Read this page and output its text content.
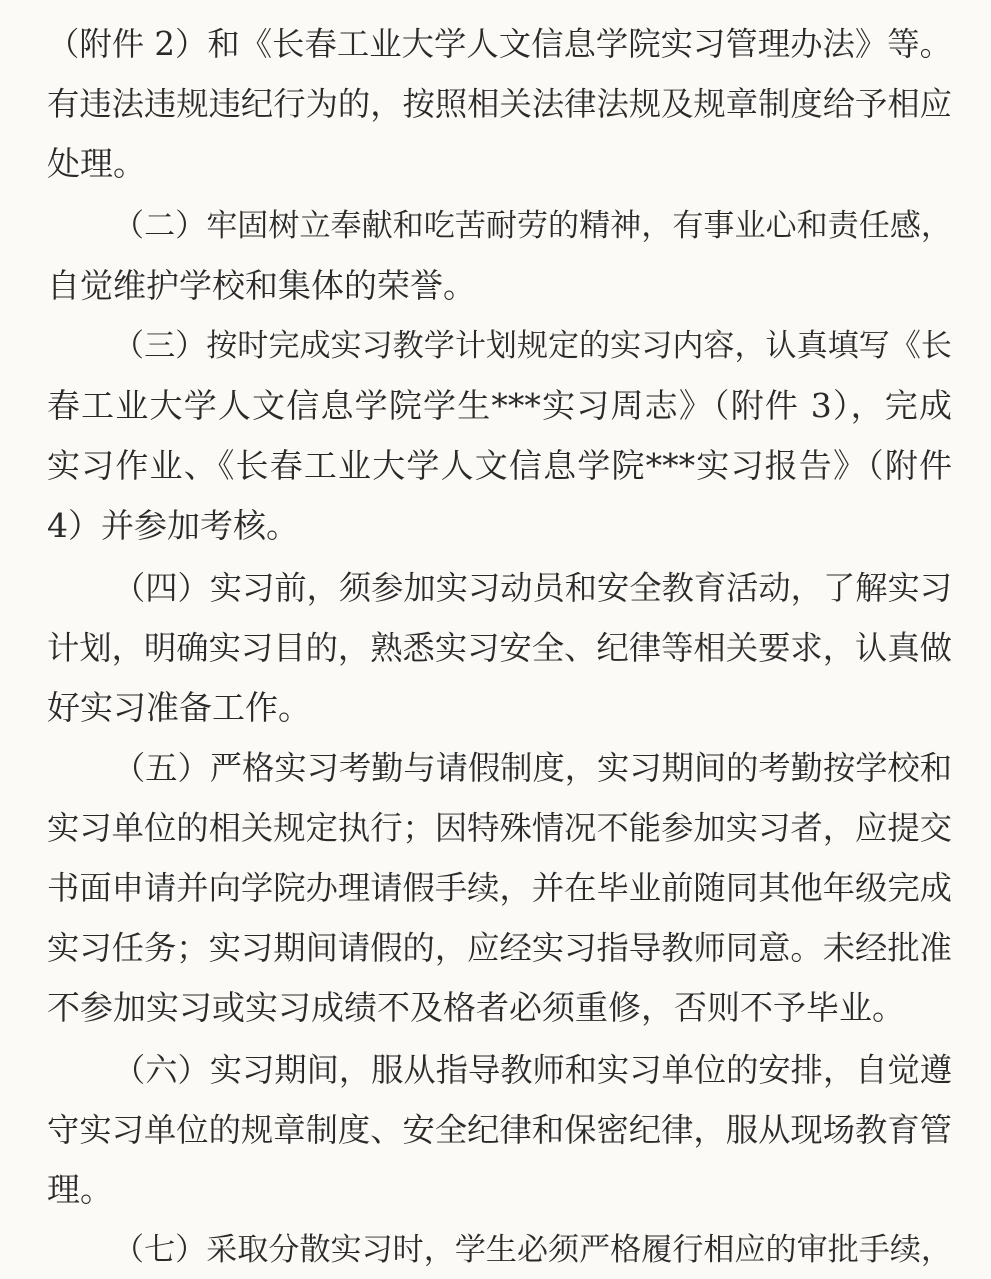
（附件 2）和《长春工业大学人文信息学院实习管理办法》等。
有违法违规违纪行为的，按照相关法律法规及规章制度给予相应
处理。
（二）牢固树立奉献和吃苦耐劳的精神，有事业心和责任感，
自觉维护学校和集体的荣誉。
（三）按时完成实习教学计划规定的实习内容，认真填写《长
春工业大学人文信息学院学生***实习周志》（附件 3），完成
实习作业、《长春工业大学人文信息学院***实习报告》（附件
4）并参加考核。
（四）实习前，须参加实习动员和安全教育活动，了解实习
计划，明确实习目的，熟悉实习安全、纪律等相关要求，认真做
好实习准备工作。
（五）严格实习考勤与请假制度，实习期间的考勤按学校和
实习单位的相关规定执行；因特殊情况不能参加实习者，应提交
书面申请并向学院办理请假手续，并在毕业前随同其他年级完成
实习任务；实习期间请假的，应经实习指导教师同意。未经批准
不参加实习或实习成绩不及格者必须重修，否则不予毕业。
（六）实习期间，服从指导教师和实习单位的安排，自觉遵
守实习单位的规章制度、安全纪律和保密纪律，服从现场教育管
理。
（七）采取分散实习时，学生必须严格履行相应的审批手续，
